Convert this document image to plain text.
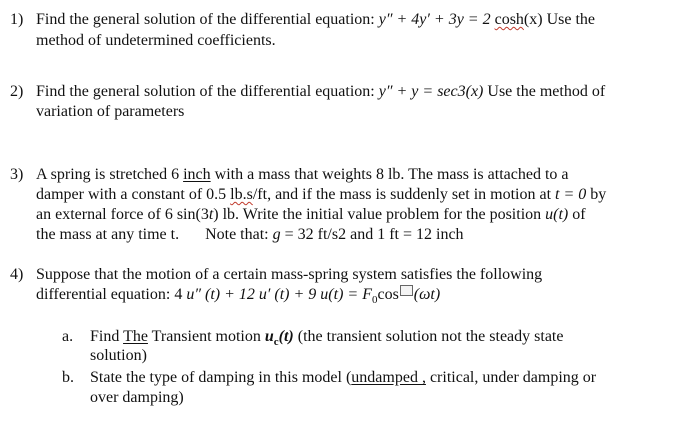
1) Find the general solution of the differential equation: y″ + 4y′ + 3y = 2 cosh(x) Use the
method of undetermined coefficients.
2) Find the general solution of the differential equation: y″ + y = sec3(x) Use the method of
variation of parameters
3) A spring is stretched 6 inch with a mass that weights 8 lb. The mass is attached to a
damper with a constant of 0.5 lb.s/ft, and if the mass is suddenly set in motion at t = 0 by
an external force of 6 sin(3t) lb. Write the initial value problem for the position u(t) of
the mass at any time t. Note that: g = 32 ft/s2 and 1 ft = 12 inch
4) Suppose that the motion of a certain mass-spring system satisfies the following
differential equation: 4 u″ (t) + 12 u′ (t) + 9 $u(t) = F_0\cos$ (ωt)
a. Find The Transient motion $u_c(t)$ (the transient solution not the steady state
solution)
b. State the type of damping in this model (undamped , critical, under damping or
over damping)
